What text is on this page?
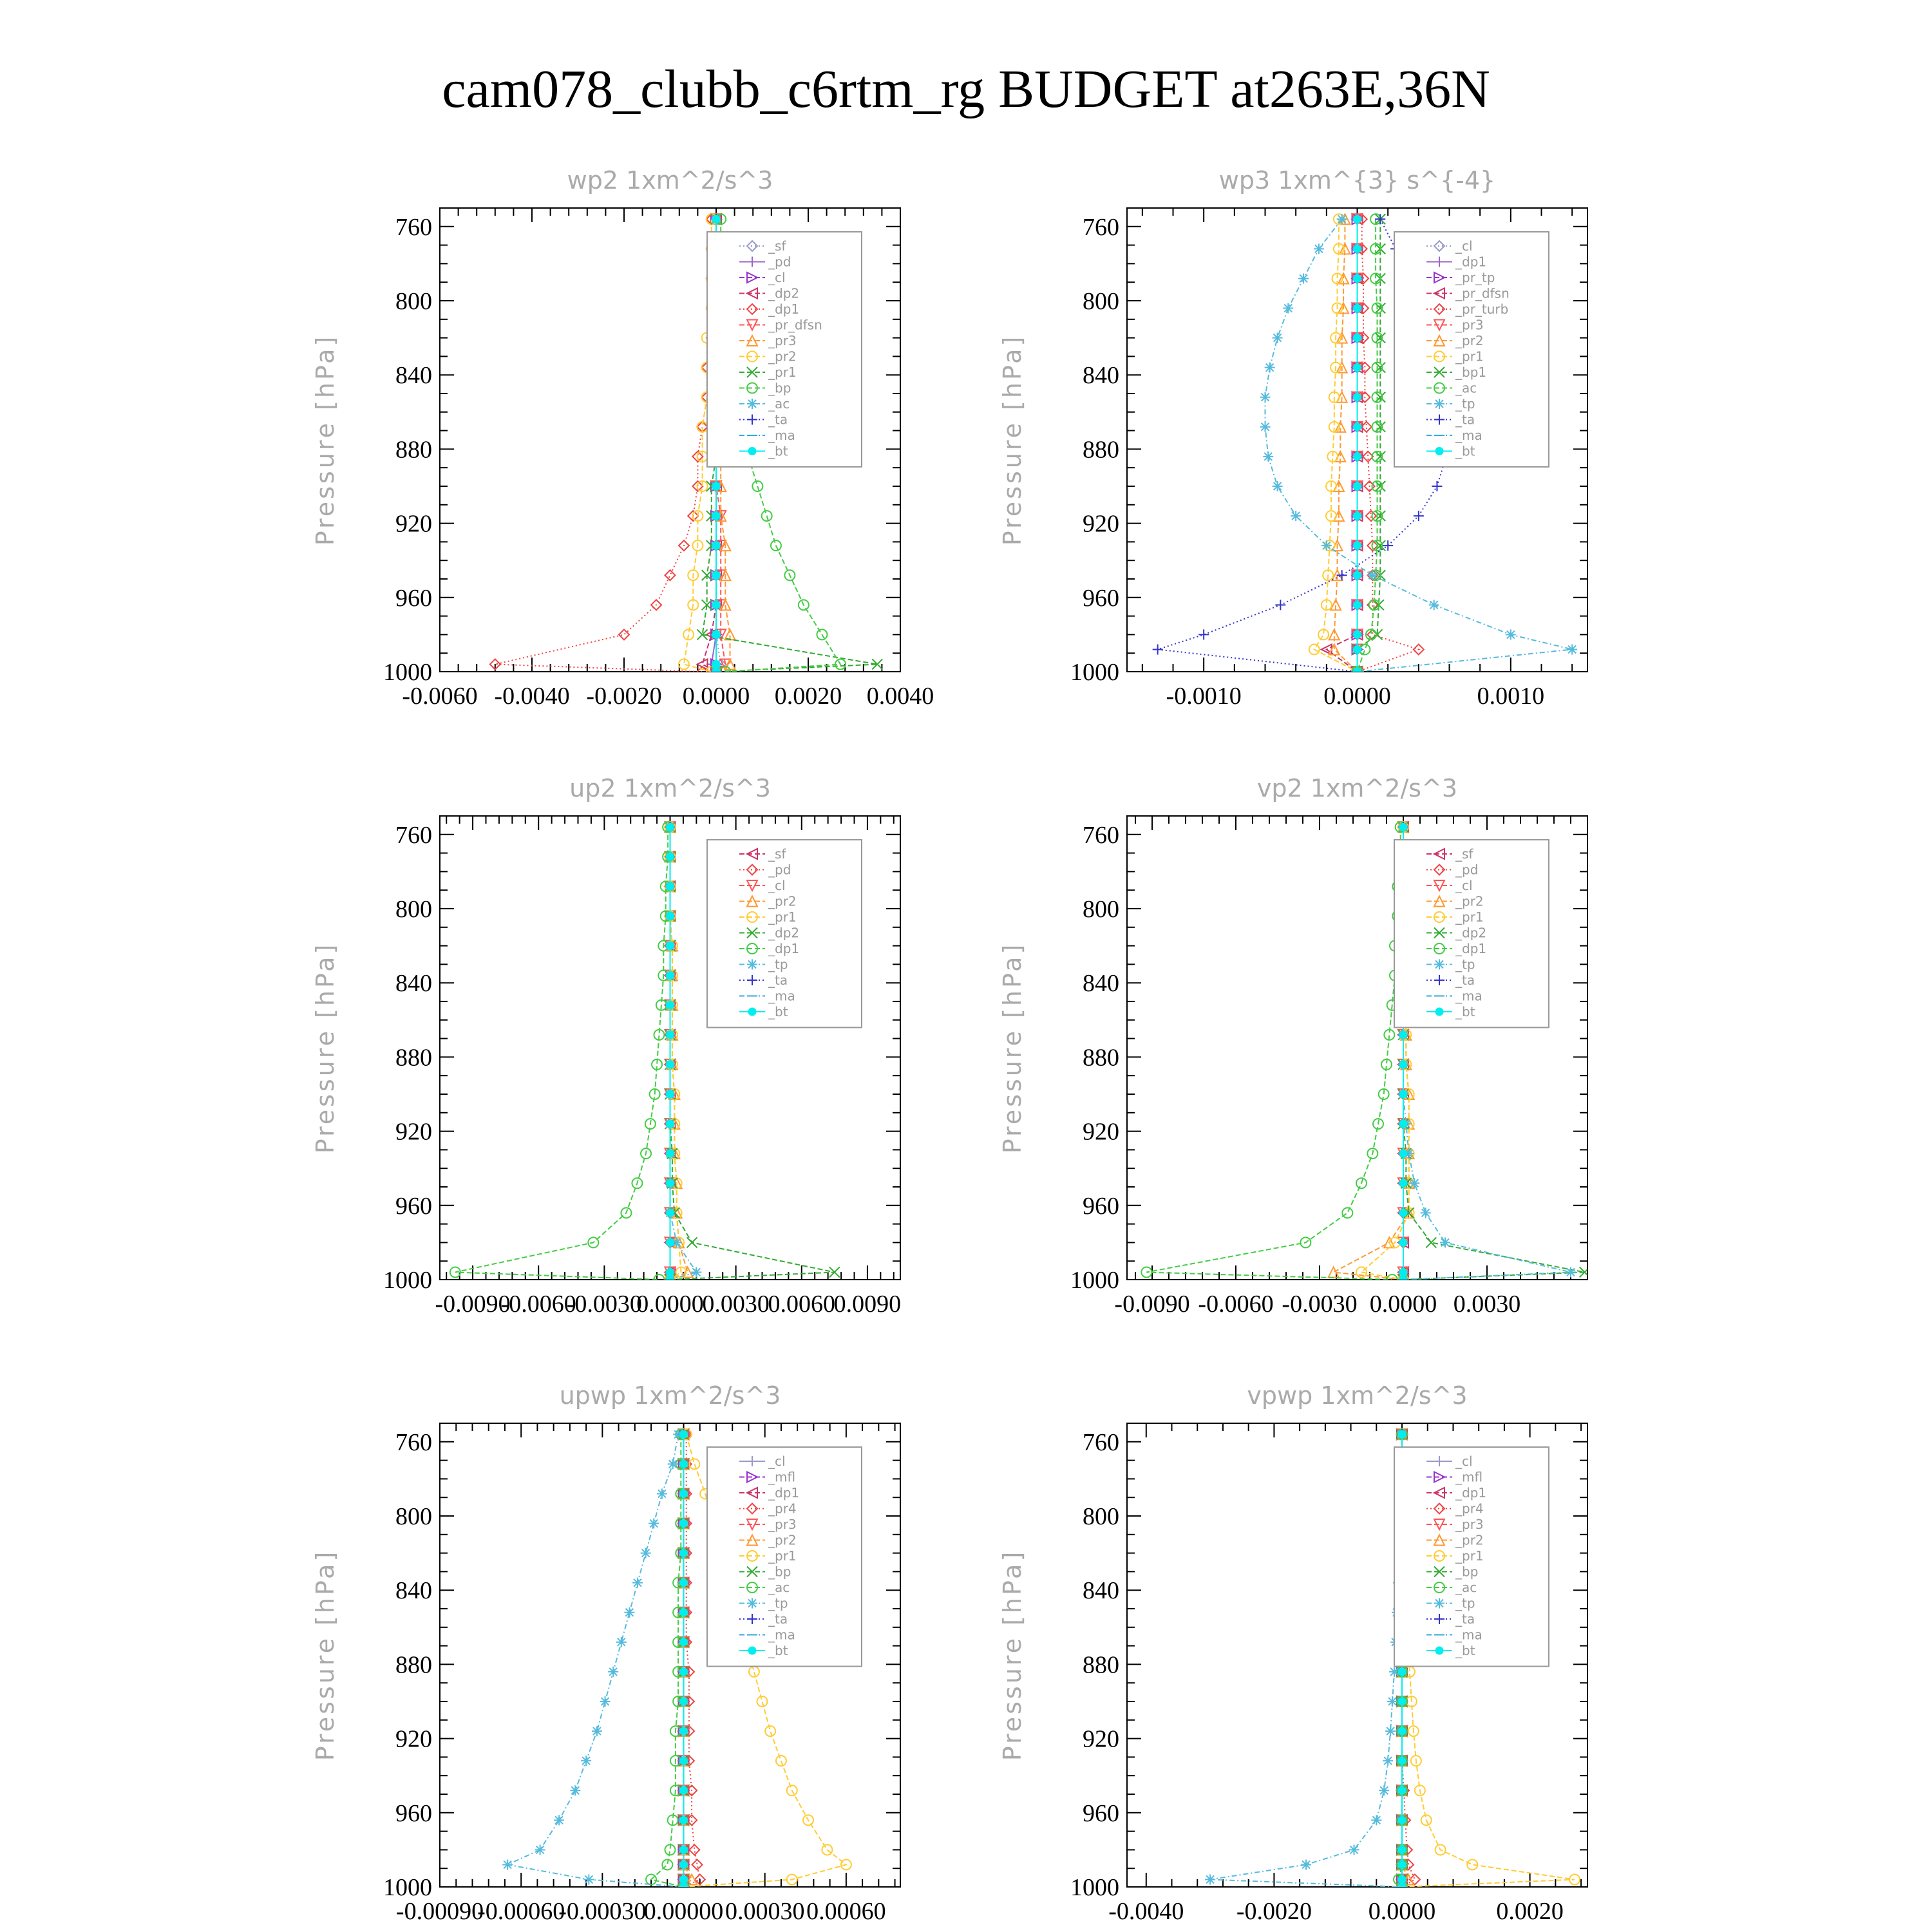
cam078_clubb_c6rtm_rg BUDGET at263E,36N
wp2 1xm^2/s^3
Pressure [hPa]
760
800
840
880
920
960
1000
-0.0060 -0.0040 -0.0020 0.0000 0.0020 0.0040
_sf
_pd
_cl
_dp2
_dp1
_pr_dfsn
_pr3
_pr2
_pr1
_bp
_ac
_ta
_ma
_bt
wp3 1xm^{3} s^{-4}
Pressure [hPa]
760
800
840
880
920
960
1000
-0.0010	0.0000	0.0010
_cl
_dp1
_pr_tp
_pr_dfsn
_pr_turb
_pr3
_pr2
_pr1
_bp1
_ac
_tp
_ta
_ma
_bt
up2 1xm^2/s^3
Pressure [hPa]
760
800
840
880
920
960
1000
-0.0090
-0.0060
-0.0030
0.0000
0.0030
0.0060
0.0090
_sf
_pd
_cl
_pr2
_pr1
_dp2
_dp1
_tp
_ta
_ma
_bt
vp2 1xm^2/s^3
Pressure [hPa]
760
800
840
880
920
960
1000
-0.0090 -0.0060 -0.0030 0.0000 0.0030
_sf
_pd
_cl
_pr2
_pr1
_dp2
_dp1
_tp
_ta
_ma
_bt
upwp 1xm^2/s^3
Pressure [hPa]
760
800
840
880
920
960
1000
-0.00090
-0.00060
-0.00030
0.00000 0.00030 0.00060
_cl
_mfl
_dp1
_pr4
_pr3
_pr2
_pr1
_bp
_ac
_tp
_ta
_ma
_bt
vpwp 1xm^2/s^3
Pressure [hPa]
760
800
840
880
920
960
1000
-0.0040 -0.0020 0.0000 0.0020
_cl
_mfl
_dp1
_pr4
_pr3
_pr2
_pr1
_bp
_ac
_tp
_ta
_ma
_bt
